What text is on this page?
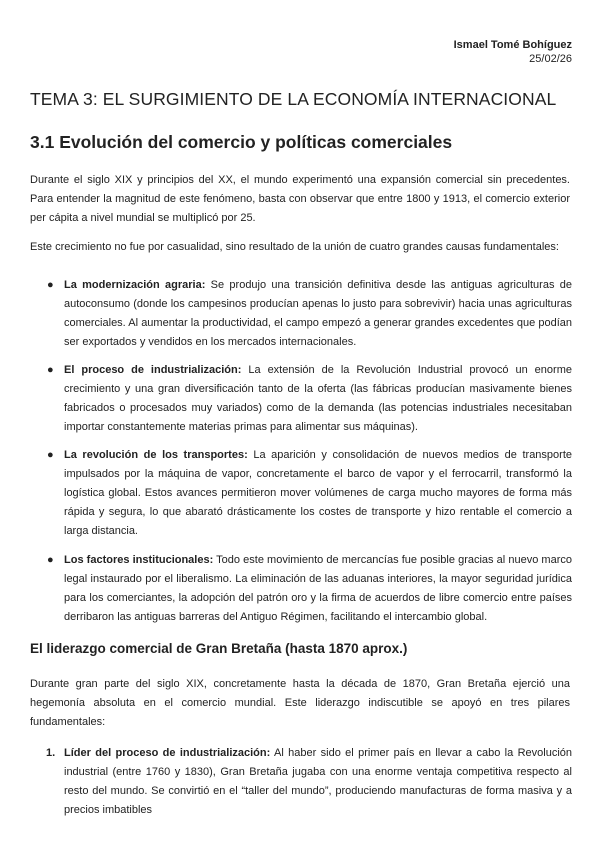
Ismael Tomé Bohíguez
25/02/26
TEMA 3: EL SURGIMIENTO DE LA ECONOMÍA INTERNACIONAL
3.1 Evolución del comercio y políticas comerciales

Durante el siglo XIX y principios del XX, el mundo experimentó una expansión comercial sin precedentes. Para entender la magnitud de este fenómeno, basta con observar que entre 1800 y 1913, el comercio exterior per cápita a nivel mundial se multiplicó por 25.

Este crecimiento no fue por casualidad, sino resultado de la unión de cuatro grandes causas fundamentales:

● La modernización agraria: Se produjo una transición definitiva desde las antiguas agriculturas de autoconsumo (donde los campesinos producían apenas lo justo para sobrevivir) hacia unas agriculturas comerciales. Al aumentar la productividad, el campo empezó a generar grandes excedentes que podían ser exportados y vendidos en los mercados internacionales.
● El proceso de industrialización: La extensión de la Revolución Industrial provocó un enorme crecimiento y una gran diversificación tanto de la oferta (las fábricas producían masivamente bienes fabricados o procesados muy variados) como de la demanda (las potencias industriales necesitaban importar constantemente materias primas para alimentar sus máquinas).
● La revolución de los transportes: La aparición y consolidación de nuevos medios de transporte impulsados por la máquina de vapor, concretamente el barco de vapor y el ferrocarril, transformó la logística global. Estos avances permitieron mover volúmenes de carga mucho mayores de forma más rápida y segura, lo que abarató drásticamente los costes de transporte y hizo rentable el comercio a larga distancia.
● Los factores institucionales: Todo este movimiento de mercancías fue posible gracias al nuevo marco legal instaurado por el liberalismo. La eliminación de las aduanas interiores, la mayor seguridad jurídica para los comerciantes, la adopción del patrón oro y la firma de acuerdos de libre comercio entre países derribaron las antiguas barreras del Antiguo Régimen, facilitando el intercambio global.
El liderazgo comercial de Gran Bretaña (hasta 1870 aprox.)

Durante gran parte del siglo XIX, concretamente hasta la década de 1870, Gran Bretaña ejerció una hegemonía absoluta en el comercio mundial. Este liderazgo indiscutible se apoyó en tres pilares fundamentales:

1. Líder del proceso de industrialización: Al haber sido el primer país en llevar a cabo la Revolución industrial (entre 1760 y 1830), Gran Bretaña jugaba con una enorme ventaja competitiva respecto al resto del mundo. Se convirtió en el “taller del mundo”, produciendo manufacturas de forma masiva y a precios imbatibles
